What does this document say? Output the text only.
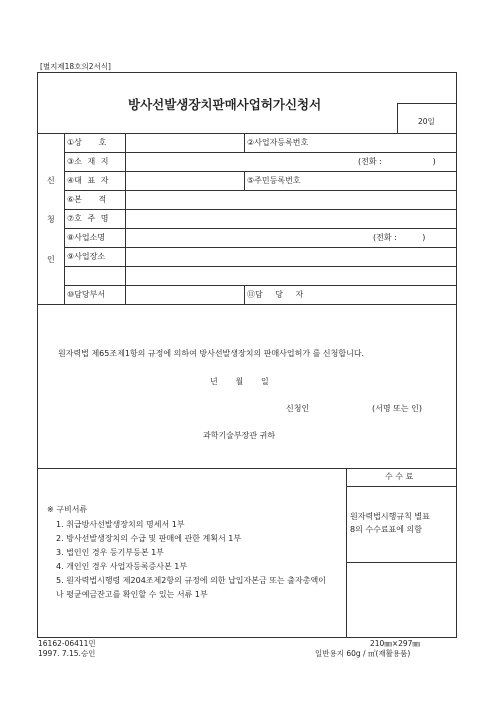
[별지제18호의2서식]
방사선발생장치판매사업허가신청서
20일
신
청
인
①상 호	②사업자등록번호
③소 재 지	(전화 :                    )
④대 표 자	⑤주민등록번호
⑥본 적
⑦호 주 명
⑧사업소명	(전화 :          )
⑨사업장소
⑩담당부서	⑪담 당 자
원자력법 제65조제1항의 규정에 의하여 방사선발생장치의 판매사업허가 를 신청합니다.
년       월       일
신청인	(서명 또는 인)
과학기술부장관 귀하
수 수 료
원자력법시행규칙 별표
8의 수수료표에 의함
※ 구비서류
1. 취급방사선발생장치의 명세서 1부
2. 방사선발생장치의 수급 및 판매에 관한 계획서 1부
3. 법인인 경우 등기부등본 1부
4. 개인인 경우 사업자등록증사본 1부
5. 원자력법시행령 제204조제2항의 규정에 의한 납입자본금 또는 출자총액이
나 평균예금잔고를 확인할 수 있는 서류 1부
16162-06411민
1997. 7.15.승인
210㎜×297㎜
일반용지 60g / ㎡(재활용품)
